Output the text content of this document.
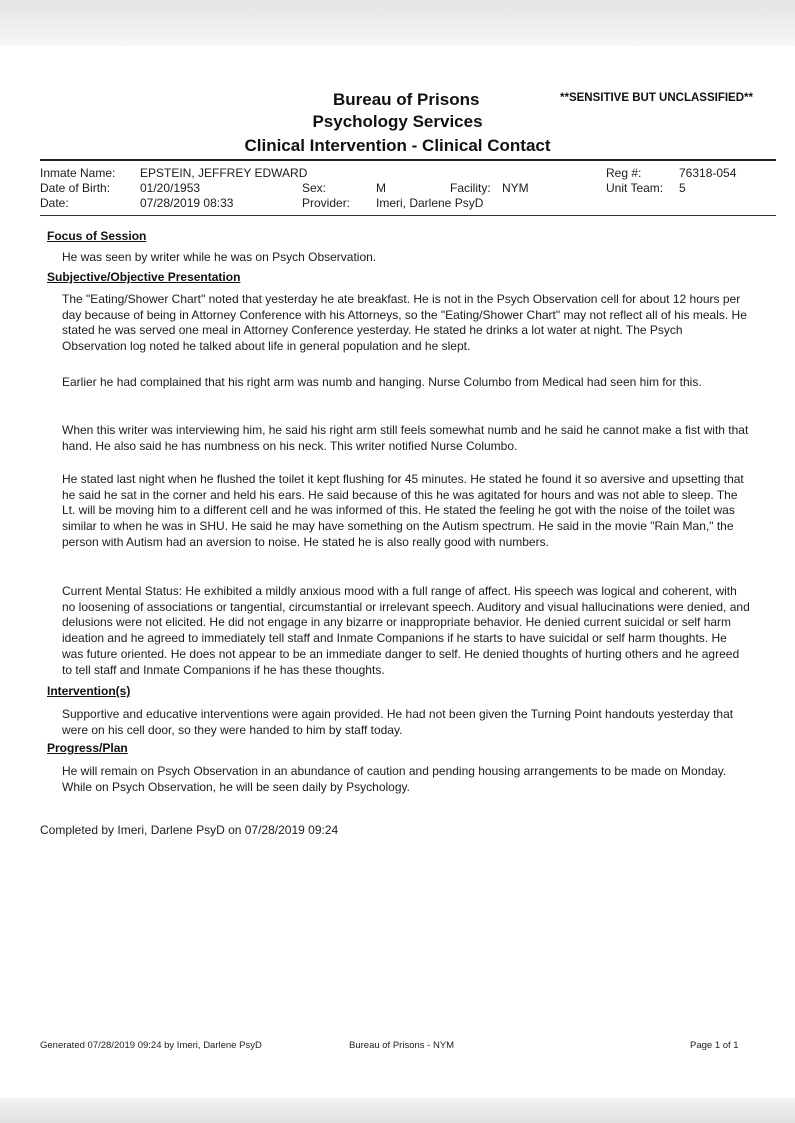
Bureau of Prisons	**SENSITIVE BUT UNCLASSIFIED**
Psychology Services
Clinical Intervention - Clinical Contact
Inmate Name: EPSTEIN, JEFFREY EDWARD	Reg #:	76318-054
Date of Birth: 01/20/1953	Sex:	M	Facility: NYM	Unit Team: 5
Date:	07/28/2019 08:33	Provider: Imeri, Darlene PsyD
Focus of Session

He was seen by writer while he was on Psych Observation.

Subjective/Objective Presentation

The "Eating/Shower Chart" noted that yesterday he ate breakfast. He is not in the Psych Observation cell for about 12 hours per day because of being in Attorney Conference with his Attorneys, so the "Eating/Shower Chart" may not reflect all of his meals. He stated he was served one meal in Attorney Conference yesterday. He stated he drinks a lot water at night. The Psych Observation log noted he talked about life in general population and he slept.

Earlier he had complained that his right arm was numb and hanging. Nurse Columbo from Medical had seen him for this.

When this writer was interviewing him, he said his right arm still feels somewhat numb and he said he cannot make a fist with that hand. He also said he has numbness on his neck. This writer notified Nurse Columbo.

He stated last night when he flushed the toilet it kept flushing for 45 minutes. He stated he found it so aversive and upsetting that he said he sat in the corner and held his ears. He said because of this he was agitated for hours and was not able to sleep. The Lt. will be moving him to a different cell and he was informed of this. He stated the feeling he got with the noise of the toilet was similar to when he was in SHU. He said he may have something on the Autism spectrum. He said in the movie "Rain Man," the person with Autism had an aversion to noise. He stated he is also really good with numbers.

Current Mental Status: He exhibited a mildly anxious mood with a full range of affect. His speech was logical and coherent, with no loosening of associations or tangential, circumstantial or irrelevant speech. Auditory and visual hallucinations were denied, and delusions were not elicited. He did not engage in any bizarre or inappropriate behavior. He denied current suicidal or self harm ideation and he agreed to immediately tell staff and Inmate Companions if he starts to have suicidal or self harm thoughts. He was future oriented. He does not appear to be an immediate danger to self. He denied thoughts of hurting others and he agreed to tell staff and Inmate Companions if he has these thoughts.

Intervention(s)

Supportive and educative interventions were again provided. He had not been given the Turning Point handouts yesterday that were on his cell door, so they were handed to him by staff today.

Progress/Plan

He will remain on Psych Observation in an abundance of caution and pending housing arrangements to be made on Monday. While on Psych Observation, he will be seen daily by Psychology.

Completed by Imeri, Darlene PsyD on 07/28/2019 09:24
Generated 07/28/2019 09:24 by Imeri, Darlene PsyD	Bureau of Prisons - NYM	Page 1 of 1
